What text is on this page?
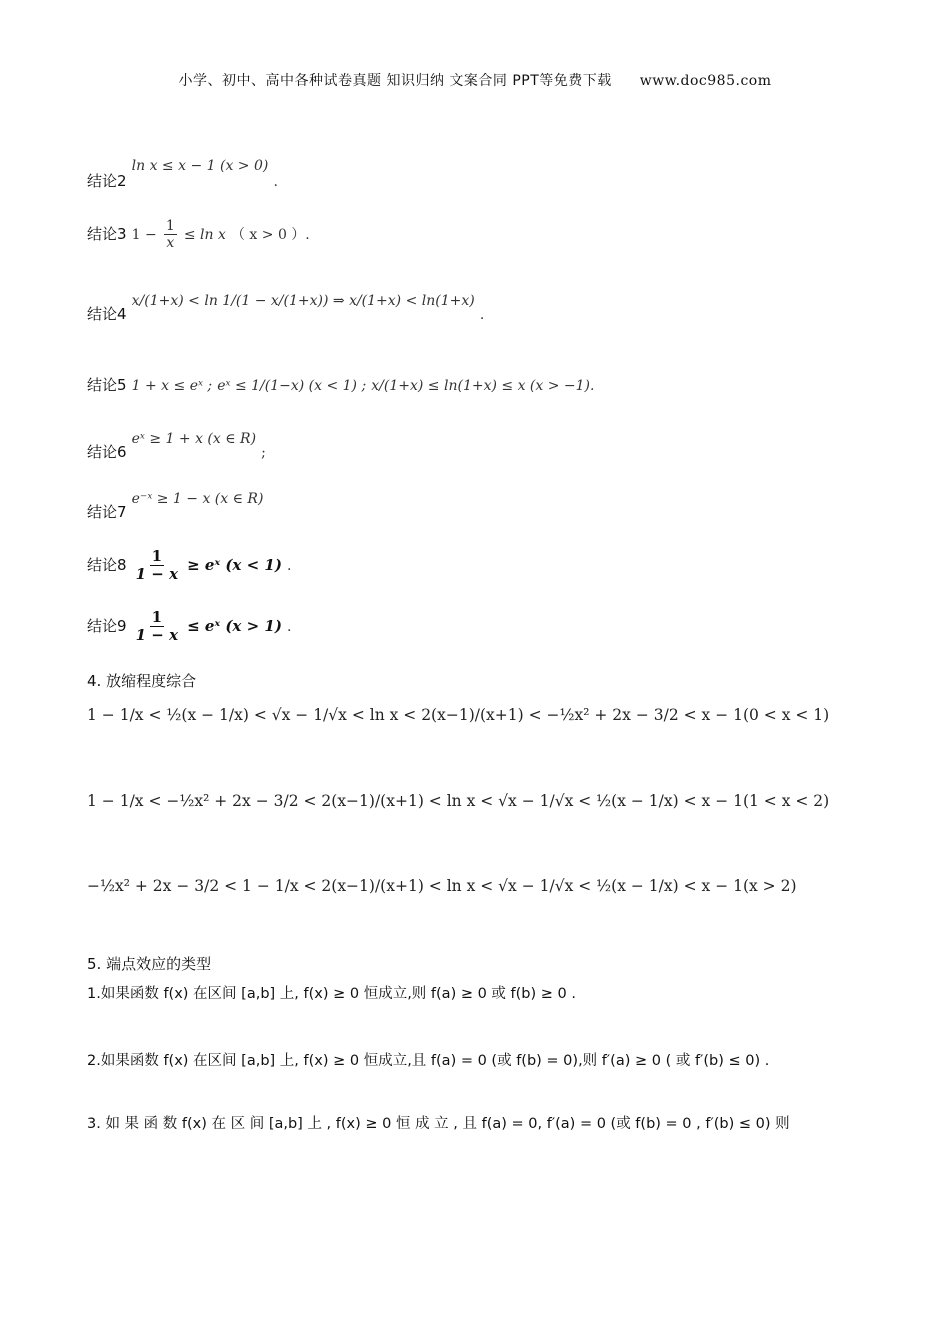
小学、初中、高中各种试卷真题 知识归纳 文案合同 PPT等免费下载 www.doc985.com
结论2 ln x ≤ x − 1 (x > 0) .
结论3 $1 - \frac{1}{x} \le \ln x$ （ x > 0 ）.
结论4 x/(1+x) < ln 1/(1 − x/(1+x)) ⇒ x/(1+x) < ln(1+x) .
结论5 1 + x ≤ eˣ ; eˣ ≤ 1/(1−x) (x < 1) ; x/(1+x) ≤ ln(1+x) ≤ x (x > −1).
结论6 eˣ ≥ 1 + x (x ∈ R) ;
结论7 e⁻ˣ ≥ 1 − x (x ∈ R)
结论$8 \frac{1}{1 - x}$ ≥ eˣ (x < 1) .
结论$9 \frac{1}{1 - x}$ ≤ eˣ (x > 1) .
4. 放缩程度综合
1 − 1/x < ½(x − 1/x) < √x − 1/√x < ln x < 2(x−1)/(x+1) < −½x² + 2x − 3/2 < x − 1(0 < x < 1)
1 − 1/x < −½x² + 2x − 3/2 < 2(x−1)/(x+1) < ln x < √x − 1/√x < ½(x − 1/x) < x − 1(1 < x < 2)
−½x² + 2x − 3/2 < 1 − 1/x < 2(x−1)/(x+1) < ln x < √x − 1/√x < ½(x − 1/x) < x − 1(x > 2)
5. 端点效应的类型
1.如果函数 f(x) 在区间 [a,b] 上, f(x) ≥ 0 恒成立,则 f(a) ≥ 0 或 f(b) ≥ 0 .
2.如果函数 f(x) 在区间 [a,b] 上, f(x) ≥ 0 恒成立,且 f(a) = 0 (或 f(b) = 0),则 f′(a) ≥ 0 ( 或 f′(b) ≤ 0) .
3. 如 果 函 数 f(x) 在 区 间 [a,b] 上 , f(x) ≥ 0 恒 成 立 , 且 f(a) = 0, f′(a) = 0 (或 f(b) = 0 , f′(b) ≤ 0) 则
